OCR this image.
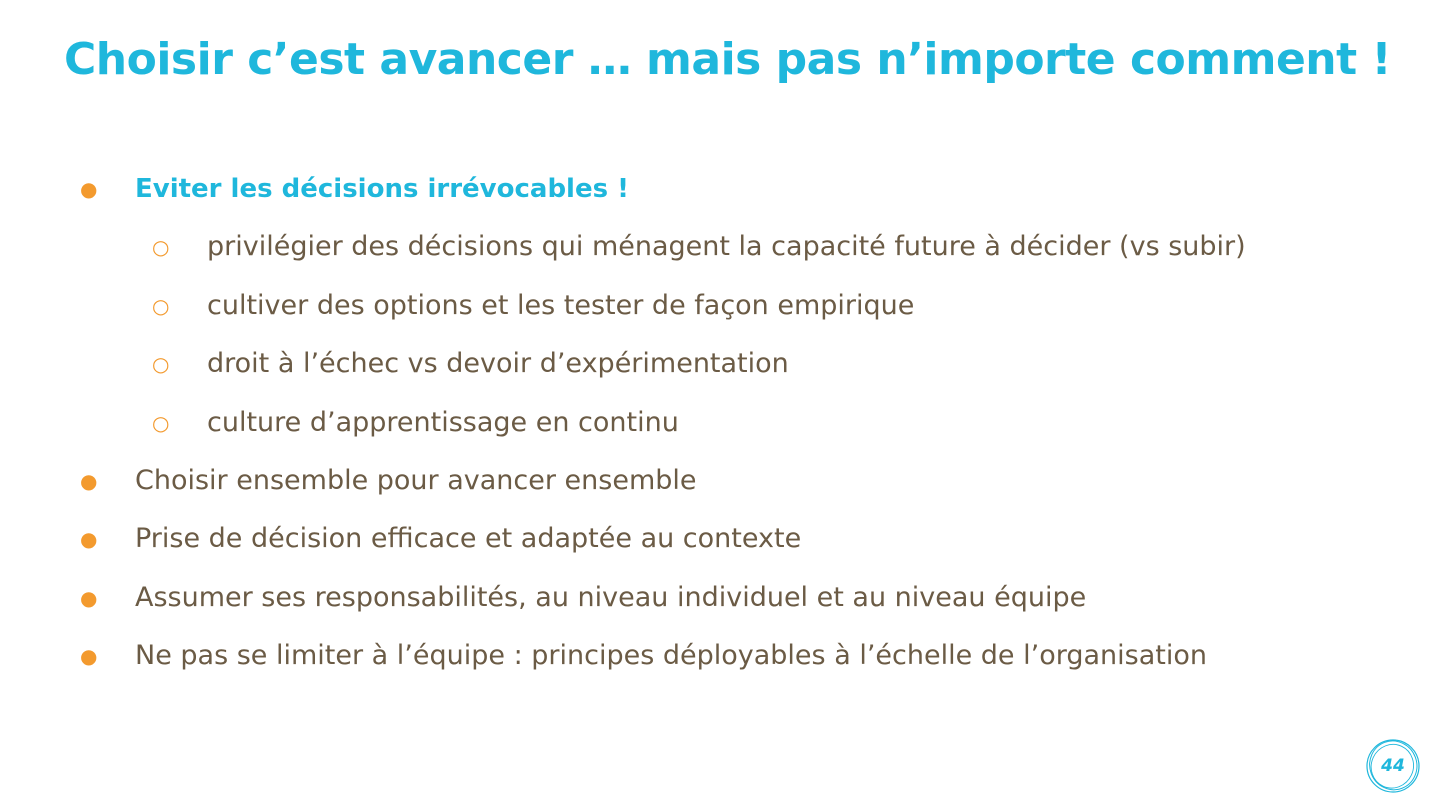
Choisir c’est avancer … mais pas n’importe comment !
● Eviter les décisions irrévocables !
○ privilégier des décisions qui ménagent la capacité future à décider (vs subir)
○ cultiver des options et les tester de façon empirique
○ droit à l’échec vs devoir d’expérimentation
○ culture d’apprentissage en continu
● Choisir ensemble pour avancer ensemble
● Prise de décision efficace et adaptée au contexte
● Assumer ses responsabilités, au niveau individuel et au niveau équipe
● Ne pas se limiter à l’équipe : principes déployables à l’échelle de l’organisation
44
